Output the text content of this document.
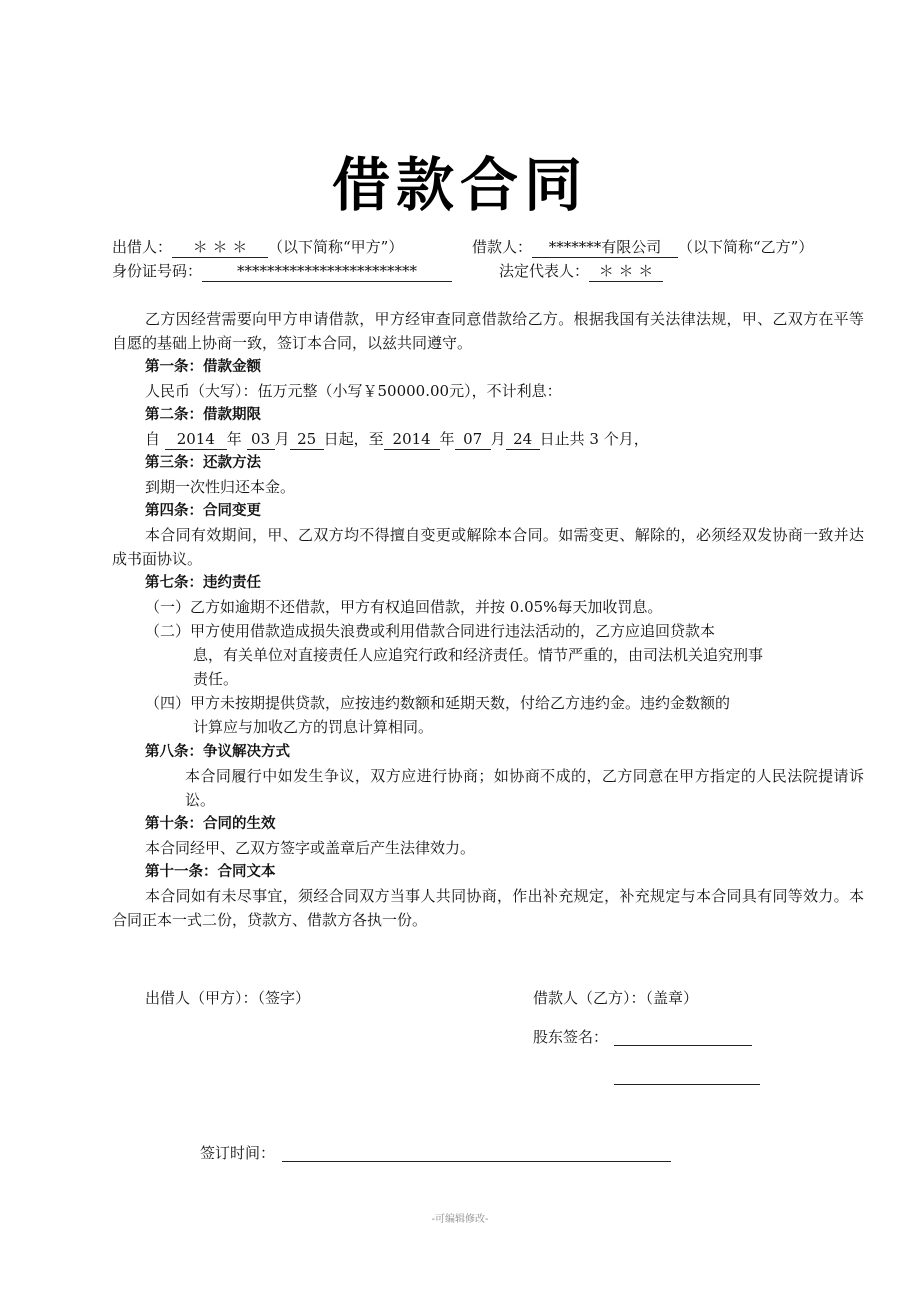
借款合同
出借人： ＊ ＊ ＊ （以下简称“甲方”）	借款人： *******有限公司 （以下简称“乙方”）
身份证号码： ************************	法定代表人： ＊ ＊ ＊
乙方因经营需要向甲方申请借款，甲方经审查同意借款给乙方。根据我国有关法律法规，甲、乙双方在平等自愿的基础上协商一致，签订本合同，以兹共同遵守。
第一条：借款金额
人民币（大写）：伍万元整（小写￥50000.00元），不计利息：
第二条：借款期限
自 2014 年 03 月 25 日起，至 2014 年 07 月 24 日止共 3 个月，
第三条：还款方法
到期一次性归还本金。
第四条：合同变更
本合同有效期间，甲、乙双方均不得擅自变更或解除本合同。如需变更、解除的，必须经双发协商一致并达成书面协议。
第七条：违约责任
（一）乙方如逾期不还借款，甲方有权追回借款，并按 0.05%每天加收罚息。
（二）甲方使用借款造成损失浪费或利用借款合同进行违法活动的，乙方应追回贷款本
息，有关单位对直接责任人应追究行政和经济责任。情节严重的，由司法机关追究刑事
责任。
（四）甲方未按期提供贷款，应按违约数额和延期天数，付给乙方违约金。违约金数额的
计算应与加收乙方的罚息计算相同。
第八条：争议解决方式
本合同履行中如发生争议，双方应进行协商；如协商不成的，乙方同意在甲方指定的人民法院提请诉讼。
第十条：合同的生效
本合同经甲、乙双方签字或盖章后产生法律效力。
第十一条：合同文本
本合同如有未尽事宜，须经合同双方当事人共同协商，作出补充规定，补充规定与本合同具有同等效力。本合同正本一式二份，贷款方、借款方各执一份。
出借人（甲方）：（签字）	借款人（乙方）：（盖章）
股东签名：
签订时间：
-可编辑修改-
